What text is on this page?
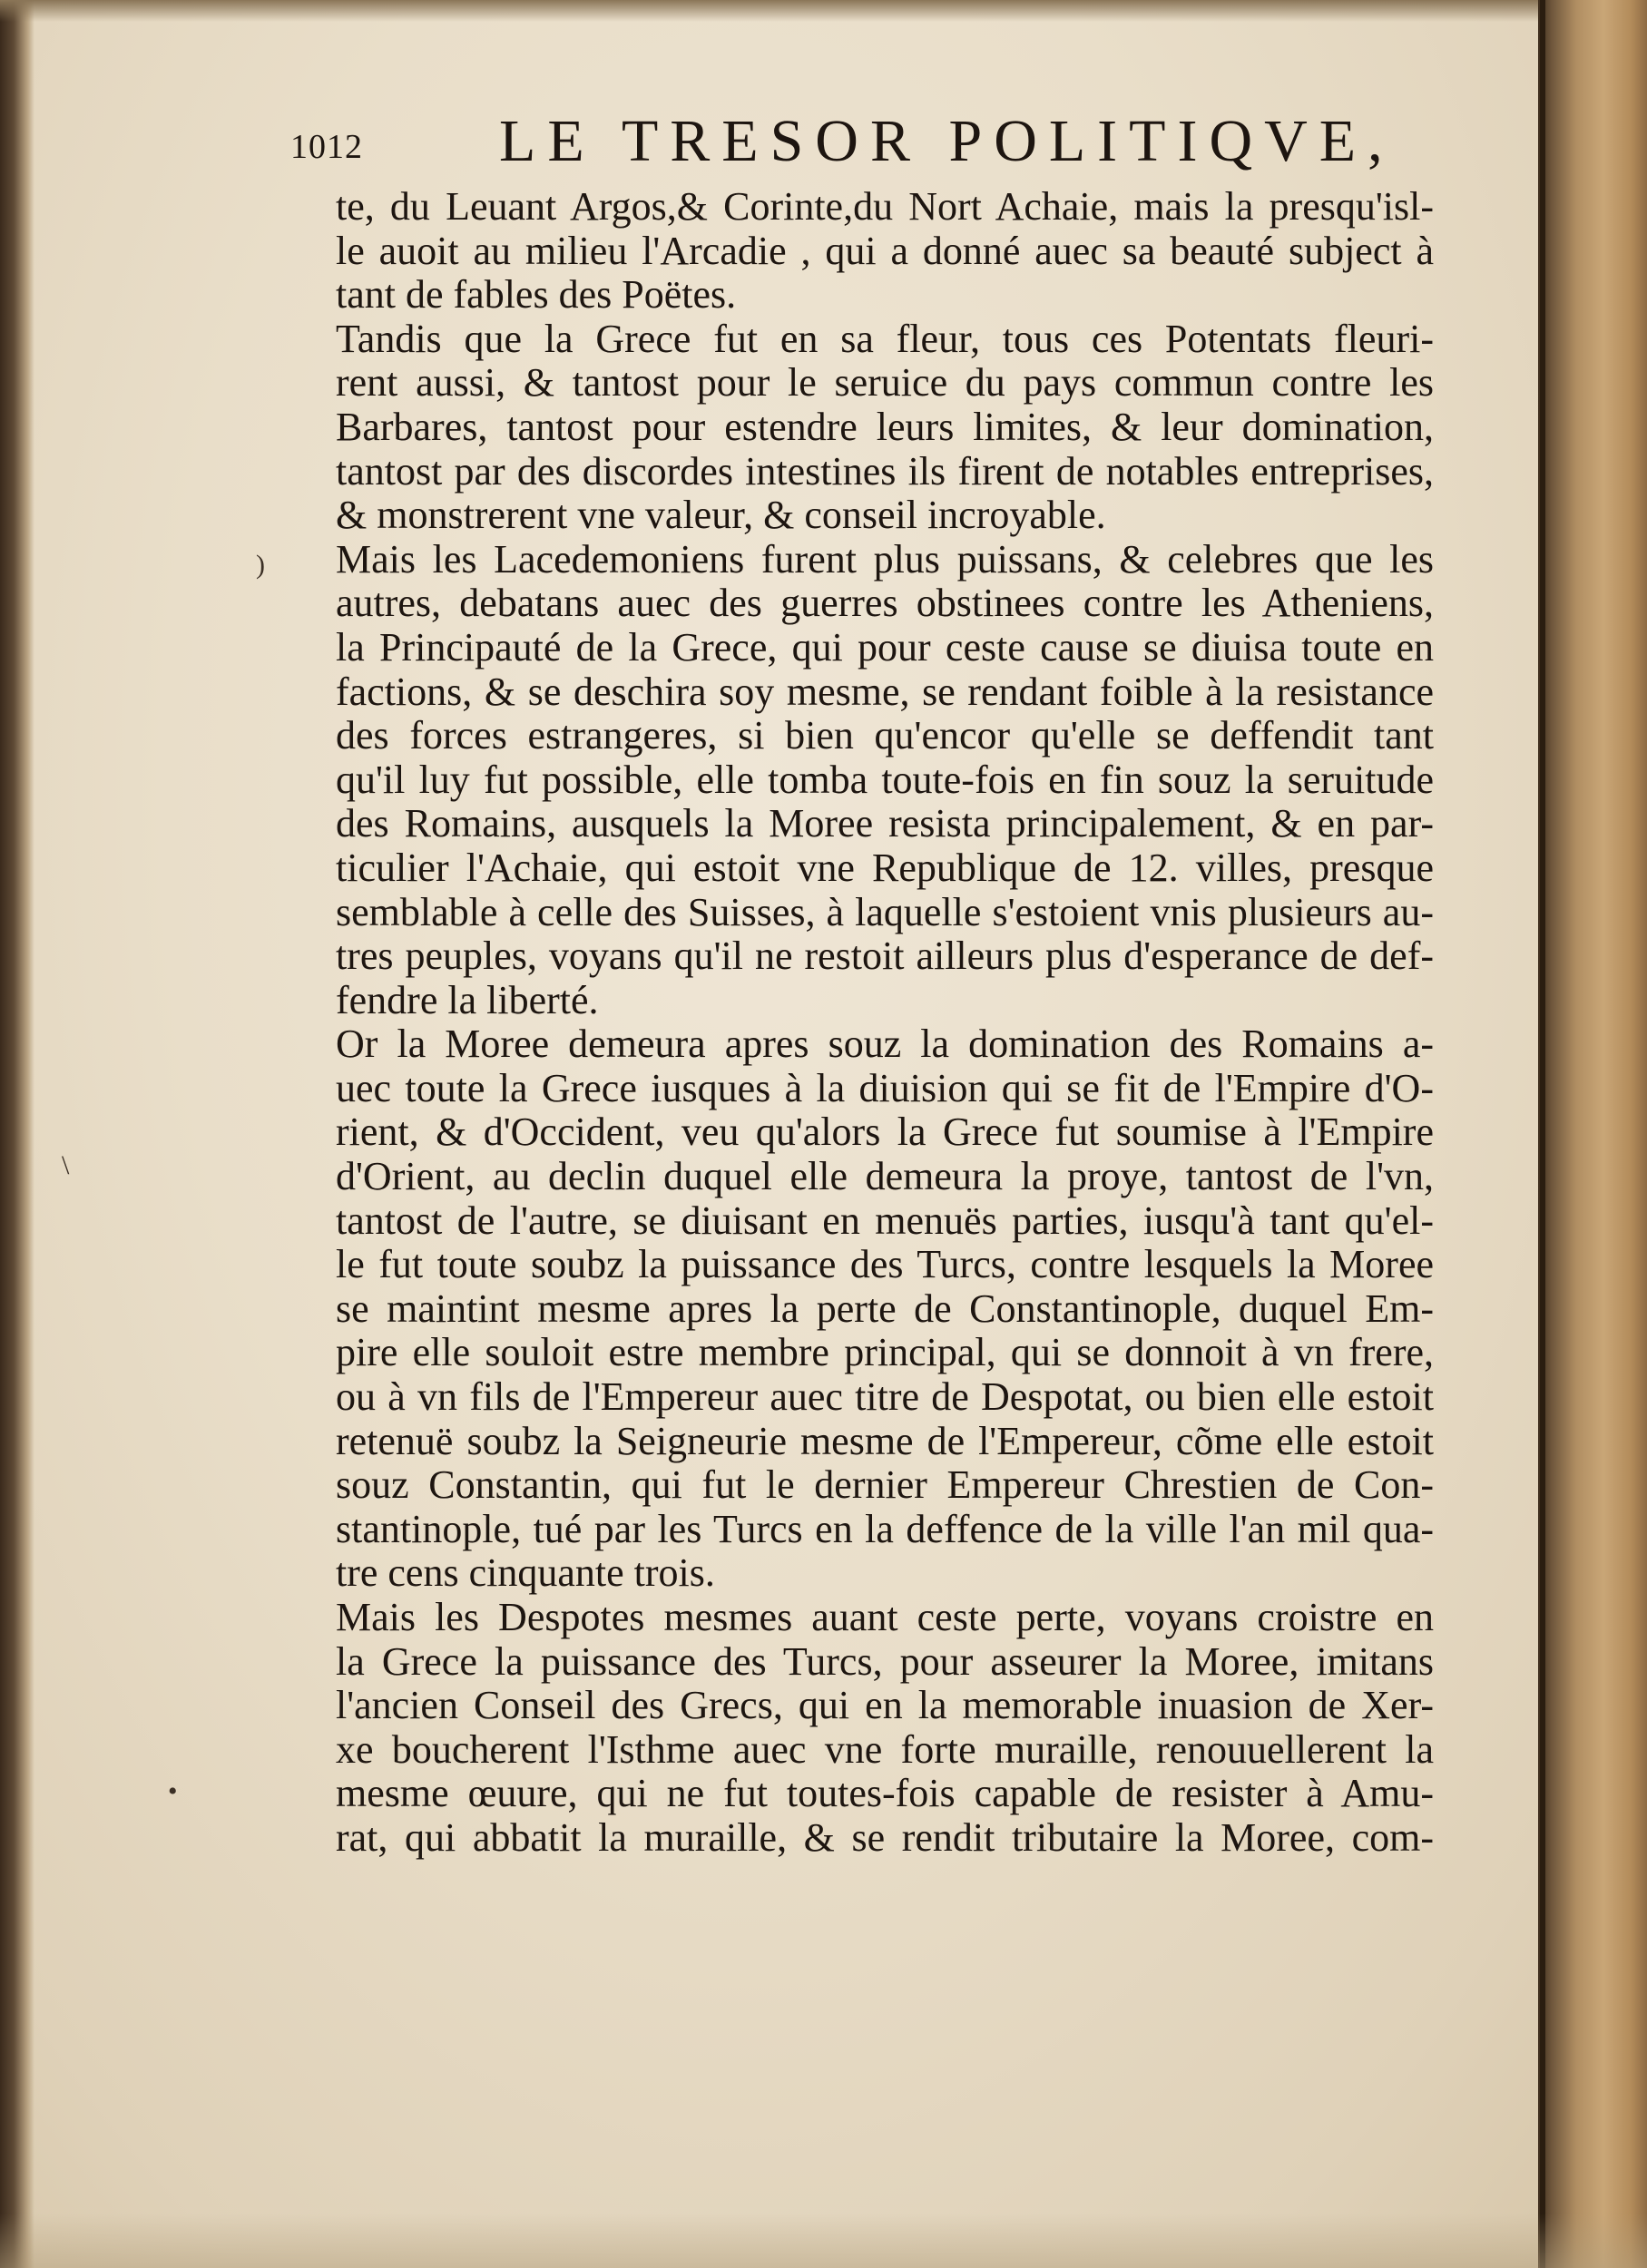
1012 LE TRESOR POLITIQVE,
te, du Leuant Argos,& Corinte,du Nort Achaie, mais la presqu'isl-
le auoit au milieu l'Arcadie , qui a donné auec sa beauté subject à
tant de fables des Poëtes.
Tandis que la Grece fut en sa fleur, tous ces Potentats fleuri-
rent aussi, & tantost pour le seruice du pays commun contre les
Barbares, tantost pour estendre leurs limites, & leur domination,
tantost par des discordes intestines ils firent de notables entreprises,
& monstrerent vne valeur, & conseil incroyable.
Mais les Lacedemoniens furent plus puissans, & celebres que les
autres, debatans auec des guerres obstinees contre les Atheniens,
la Principauté de la Grece, qui pour ceste cause se diuisa toute en
factions, & se deschira soy mesme, se rendant foible à la resistance
des forces estrangeres, si bien qu'encor qu'elle se deffendit tant
qu'il luy fut possible, elle tomba toute-fois en fin souz la seruitude
des Romains, ausquels la Moree resista principalement, & en par-
ticulier l'Achaie, qui estoit vne Republique de 12. villes, presque
semblable à celle des Suisses, à laquelle s'estoient vnis plusieurs au-
tres peuples, voyans qu'il ne restoit ailleurs plus d'esperance de def-
fendre la liberté.
Or la Moree demeura apres souz la domination des Romains a-
uec toute la Grece iusques à la diuision qui se fit de l'Empire d'O-
rient, & d'Occident, veu qu'alors la Grece fut soumise à l'Empire
d'Orient, au declin duquel elle demeura la proye, tantost de l'vn,
tantost de l'autre, se diuisant en menuës parties, iusqu'à tant qu'el-
le fut toute soubz la puissance des Turcs, contre lesquels la Moree
se maintint mesme apres la perte de Constantinople, duquel Em-
pire elle souloit estre membre principal, qui se donnoit à vn frere,
ou à vn fils de l'Empereur auec titre de Despotat, ou bien elle estoit
retenuë soubz la Seigneurie mesme de l'Empereur, cõme elle estoit
souz Constantin, qui fut le dernier Empereur Chrestien de Con-
stantinople, tué par les Turcs en la deffence de la ville l'an mil qua-
tre cens cinquante trois.
Mais les Despotes mesmes auant ceste perte, voyans croistre en
la Grece la puissance des Turcs, pour asseurer la Moree, imitans
l'ancien Conseil des Grecs, qui en la memorable inuasion de Xer-
xe boucherent l'Isthme auec vne forte muraille, renouuellerent la
mesme œuure, qui ne fut toutes-fois capable de resister à Amu-
rat, qui abbatit la muraille, & se rendit tributaire la Moree, com-
)
\
•
